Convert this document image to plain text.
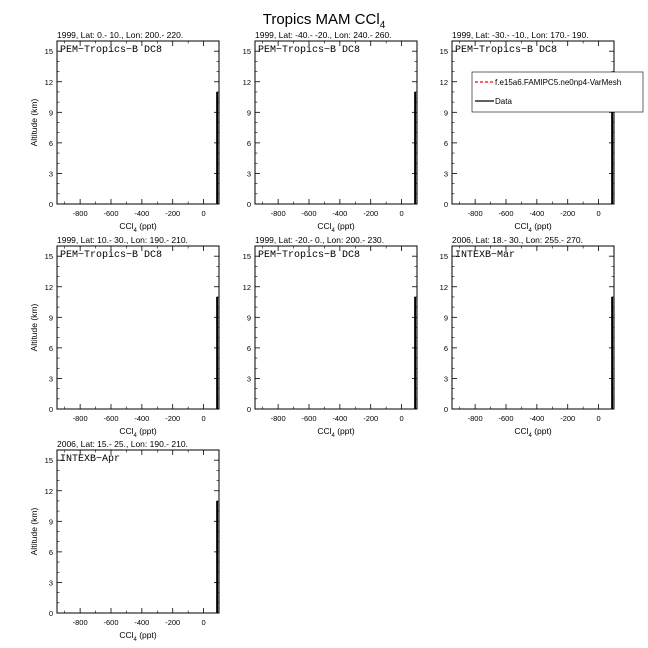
Tropics MAM CCl$_4$
1999, Lat: 0.- 10., Lon: 200.- 220.
PEM−Tropics−B DC8
0
3
6
9
12
15
-800 -600 -400 -200	0
CCl$_4$ (ppt)
Altitude (km)
1999, Lat: -40.- -20., Lon: 240.- 260.
PEM−Tropics−B DC8
0
3
6
9
12
15
-800 -600 -400 -200	0
CCl$_4$ (ppt)
1999, Lat: -30.- -10., Lon: 170.- 190.
PEM−Tropics−B DC8
0
3
6
9
12
15
-800 -600 -400 -200	0
CCl$_4$ (ppt)
f.e15a6.FAMIPC5.ne0np4-VarMesh
Data
1999, Lat: 10.- 30., Lon: 190.- 210.
PEM−Tropics−B DC8
0
3
6
9
12
15
-800 -600 -400 -200	0
CCl$_4$ (ppt)
Altitude (km)
1999, Lat: -20.- 0., Lon: 200.- 230.
PEM−Tropics−B DC8
0
3
6
9
12
15
-800 -600 -400 -200	0
CCl$_4$ (ppt)
2006, Lat: 18.- 30., Lon: 255.- 270.
INTEXB−Mar
0
3
6
9
12
15
-800 -600 -400 -200	0
CCl$_4$ (ppt)
2006, Lat: 15.- 25., Lon: 190.- 210.
INTEXB−Apr
0
3
6
9
12
15
-800 -600 -400 -200	0
CCl$_4$ (ppt)
Altitude (km)
